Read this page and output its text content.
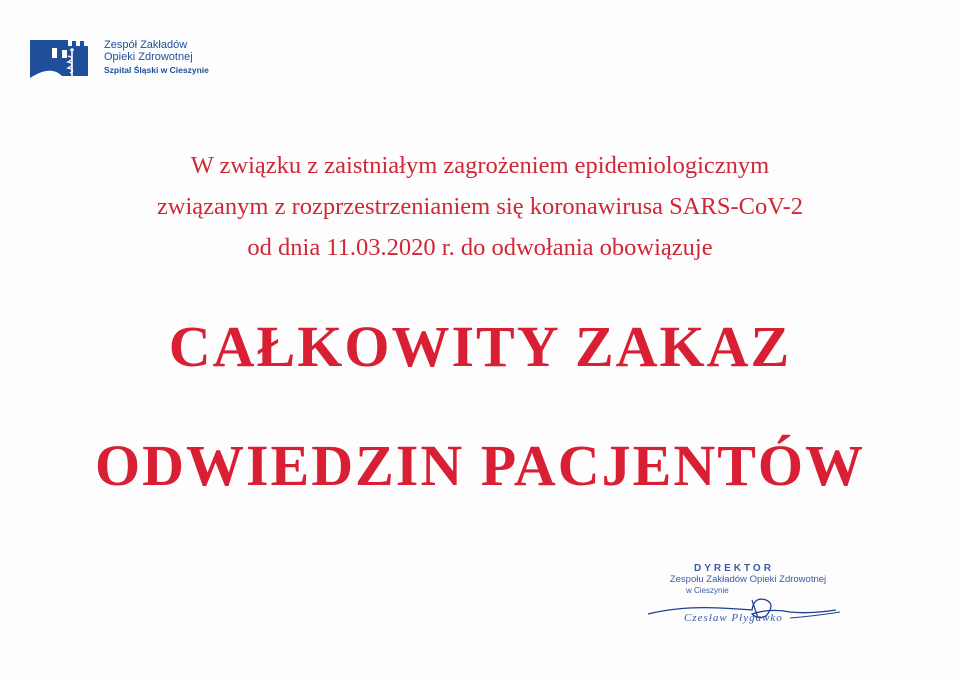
Zespół Zakładów
Opieki Zdrowotnej
Szpital Śląski w Cieszynie
W związku z zaistniałym zagrożeniem epidemiologicznym
związanym z rozprzestrzenianiem się koronawirusa SARS-CoV-2
od dnia 11.03.2020 r. do odwołania obowiązuje
CAŁKOWITY ZAKAZ
ODWIEDZIN PACJENTÓW
DYREKTOR
Zespołu Zakładów Opieki Zdrowotnej
w Cieszynie
Czesław Płygawko
